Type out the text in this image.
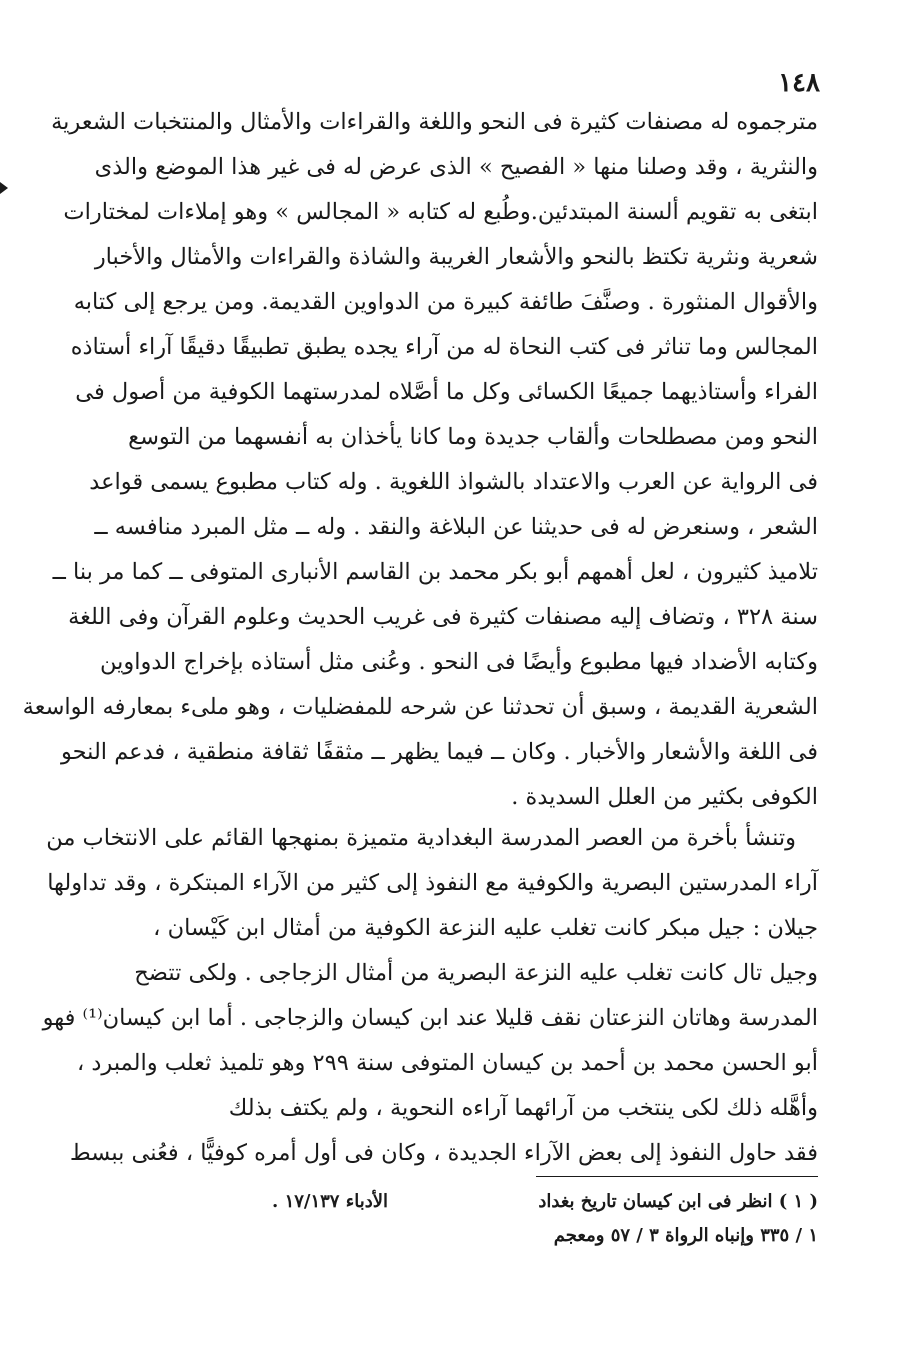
١٤٨
مترجموه له مصنفات كثيرة فى النحو واللغة والقراءات والأمثال والمنتخبات الشعرية
والنثرية ، وقد وصلنا منها « الفصيح » الذى عرض له فى غير هذا الموضع والذى
ابتغى به تقويم ألسنة المبتدئين.وطُبع له كتابه « المجالس » وهو إملاءات لمختارات
شعرية ونثرية تكتظ بالنحو والأشعار الغريبة والشاذة والقراءات والأمثال والأخبار
والأقوال المنثورة . وصنَّفَ طائفة كبيرة من الدواوين القديمة. ومن يرجع إلى كتابه
المجالس وما تناثر فى كتب النحاة له من آراء يجده يطبق تطبيقًا دقيقًا آراء أستاذه
الفراء وأستاذيهما جميعًا الكسائى وكل ما أصَّلاه لمدرستهما الكوفية من أصول فى
النحو ومن مصطلحات وألقاب جديدة وما كانا يأخذان به أنفسهما من التوسع
فى الرواية عن العرب والاعتداد بالشواذ اللغوية . وله كتاب مطبوع يسمى قواعد
الشعر ، وسنعرض له فى حديثنا عن البلاغة والنقد . وله ــ مثل المبرد منافسه ــ
تلاميذ كثيرون ، لعل أهمهم أبو بكر محمد بن القاسم الأنبارى المتوفى ــ كما مر بنا ــ
سنة ٣٢٨ ، وتضاف إليه مصنفات كثيرة فى غريب الحديث وعلوم القرآن وفى اللغة
وكتابه الأضداد فيها مطبوع وأيضًا فى النحو . وعُنى مثل أستاذه بإخراج الدواوين
الشعرية القديمة ، وسبق أن تحدثنا عن شرحه للمفضليات ، وهو ملىء بمعارفه الواسعة
فى اللغة والأشعار والأخبار . وكان ــ فيما يظهر ــ مثقفًا ثقافة منطقية ، فدعم النحو
الكوفى بكثير من العلل السديدة .
وتنشأ بأخرة من العصر المدرسة البغدادية متميزة بمنهجها القائم على الانتخاب من
آراء المدرستين البصرية والكوفية مع النفوذ إلى كثير من الآراء المبتكرة ، وقد تداولها
جيلان : جيل مبكر كانت تغلب عليه النزعة الكوفية من أمثال ابن كَيْسان ،
وجيل تال كانت تغلب عليه النزعة البصرية من أمثال الزجاجى . ولكى تتضح
المدرسة وهاتان النزعتان نقف قليلا عند ابن كيسان والزجاجى . أما ابن كيسان⁽¹⁾ فهو
أبو الحسن محمد بن أحمد بن كيسان المتوفى سنة ٢٩٩ وهو تلميذ ثعلب والمبرد ،
وأهَّله ذلك لكى ينتخب من آرائهما آراءه النحوية ، ولم يكتف بذلك
فقد حاول النفوذ إلى بعض الآراء الجديدة ، وكان فى أول أمره كوفيًّا ، فعُنى ببسط
( ١ ) انظر فى ابن كيسان تاريخ بغداد
الأدباء ١٧/١٣٧ .
١ / ٣٣٥ وإنباه الرواة ٣ / ٥٧ ومعجم
